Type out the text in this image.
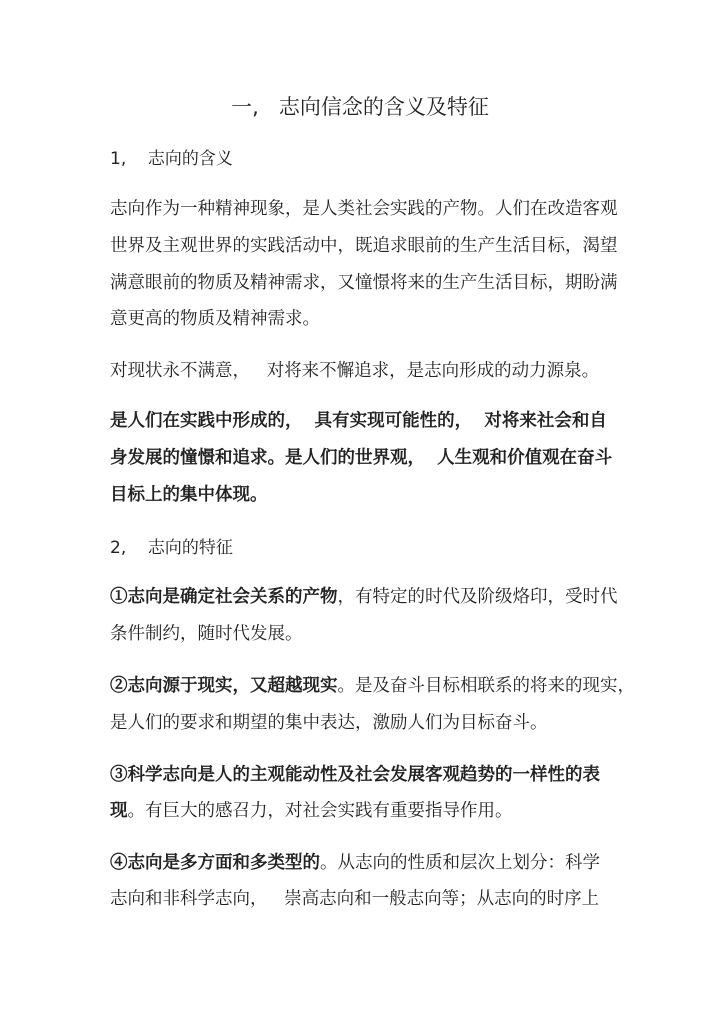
一,   志向信念的含义及特征
1,    志向的含义
志向作为一种精神现象，是人类社会实践的产物。人们在改造客观
世界及主观世界的实践活动中，既追求眼前的生产生活目标，渴望
满意眼前的物质及精神需求，又憧憬将来的生产生活目标，期盼满
意更高的物质及精神需求。
对现状永不满意，   对将来不懈追求，是志向形成的动力源泉。
是人们在实践中形成的，  具有实现可能性的，  对将来社会和自
身发展的憧憬和追求。是人们的世界观，  人生观和价值观在奋斗
目标上的集中体现。
2,    志向的特征
①志向是确定社会关系的产物，有特定的时代及阶级烙印，受时代
条件制约，随时代发展。
②志向源于现实，又超越现实。是及奋斗目标相联系的将来的现实，
是人们的要求和期望的集中表达，激励人们为目标奋斗。
③科学志向是人的主观能动性及社会发展客观趋势的一样性的表
现。有巨大的感召力，对社会实践有重要指导作用。
④志向是多方面和多类型的。从志向的性质和层次上划分：科学
志向和非科学志向，   崇高志向和一般志向等；从志向的时序上
